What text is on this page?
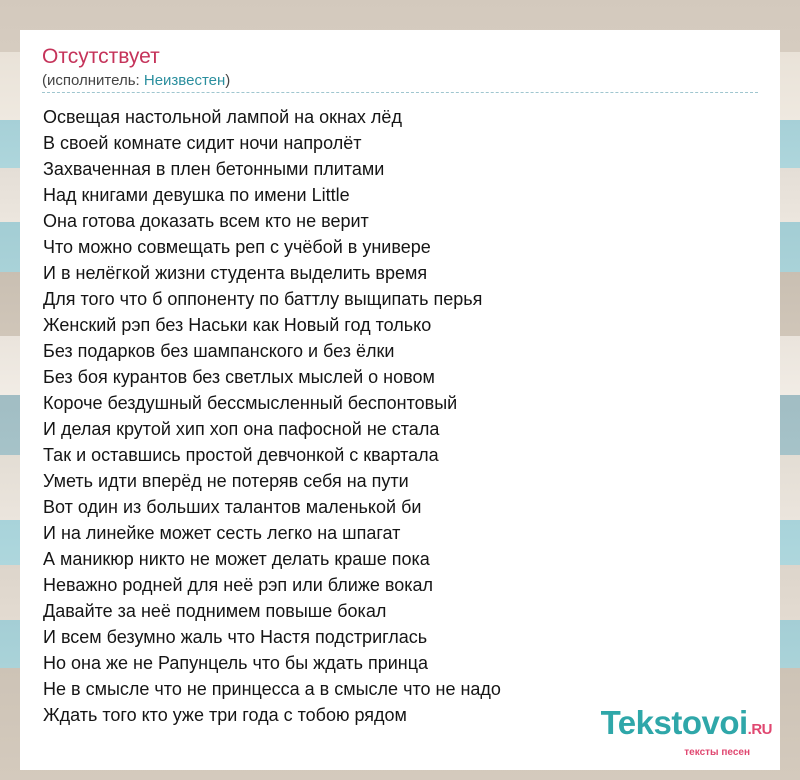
Отсутствует
(исполнитель: Неизвестен)
Освещая настольной лампой на окнах лёд
В своей комнате сидит ночи напролёт
Захваченная в плен бетонными плитами
Над книгами девушка по имени Little
Она готова доказать всем кто не верит
Что можно совмещать реп с учёбой в универе
И в нелёгкой жизни студента выделить время
Для того что б оппоненту по баттлу выщипать перья
Женский рэп без Наськи как Новый год только
Без подарков без шампанского и без ёлки
Без боя курантов без светлых мыслей о новом
Короче бездушный бессмысленный беспонтовый
И делая крутой хип хоп она пафосной не стала
Так и оставшись простой девчонкой с квартала
Уметь идти вперёд не потеряв себя на пути
Вот один из больших талантов маленькой би
И на линейке может сесть легко на шпагат
А маникюр никто не может делать краше пока
Неважно родней для неё рэп или ближе вокал
Давайте за неё поднимем повыше бокал
И всем безумно жаль что Настя подстриглась
Но она же не Рапунцель что бы ждать принца
Не в смысле что не принцесса а в смысле что не надо
Ждать того кто уже три года с тобою рядом	Tekstovoi.RU
тексты песен
